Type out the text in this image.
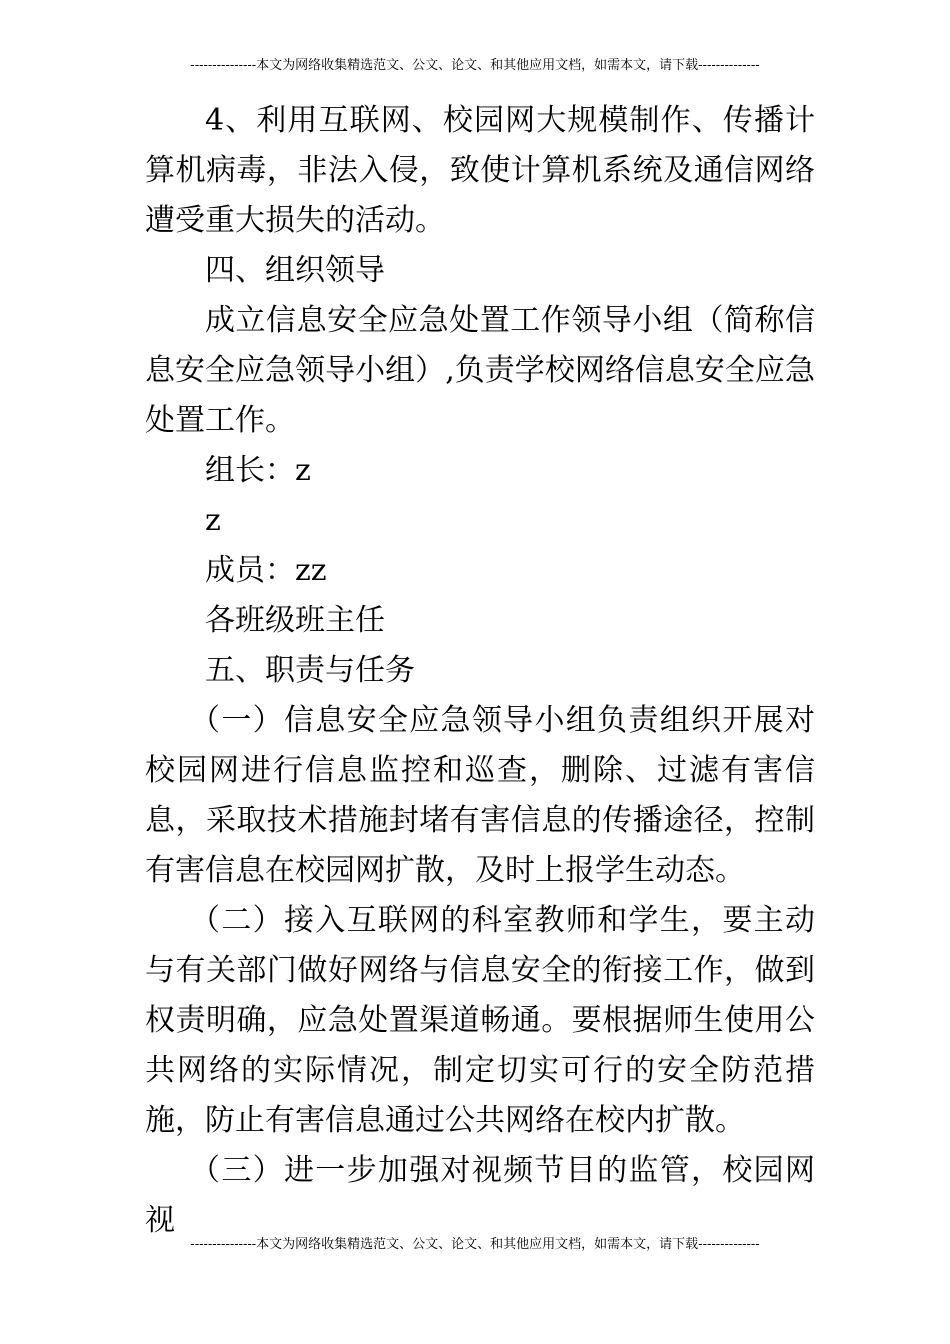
---------------本文为网络收集精选范文、公文、论文、和其他应用文档，如需本文，请下载--------------

4、利用互联网、校园网大规模制作、传播计算机病毒，非法入侵，致使计算机系统及通信网络遭受重大损失的活动。

四、组织领导

成立信息安全应急处置工作领导小组（简称信息安全应急领导小组）,负责学校网络信息安全应急处置工作。

组长：z

z

成员：zz

各班级班主任

五、职责与任务

（一）信息安全应急领导小组负责组织开展对校园网进行信息监控和巡查，删除、过滤有害信息，采取技术措施封堵有害信息的传播途径，控制有害信息在校园网扩散，及时上报学生动态。

（二）接入互联网的科室教师和学生，要主动与有关部门做好网络与信息安全的衔接工作，做到权责明确，应急处置渠道畅通。要根据师生使用公共网络的实际情况，制定切实可行的安全防范措施，防止有害信息通过公共网络在校内扩散。

（三）进一步加强对视频节目的监管，校园网视

---------------本文为网络收集精选范文、公文、论文、和其他应用文档，如需本文，请下载--------------
